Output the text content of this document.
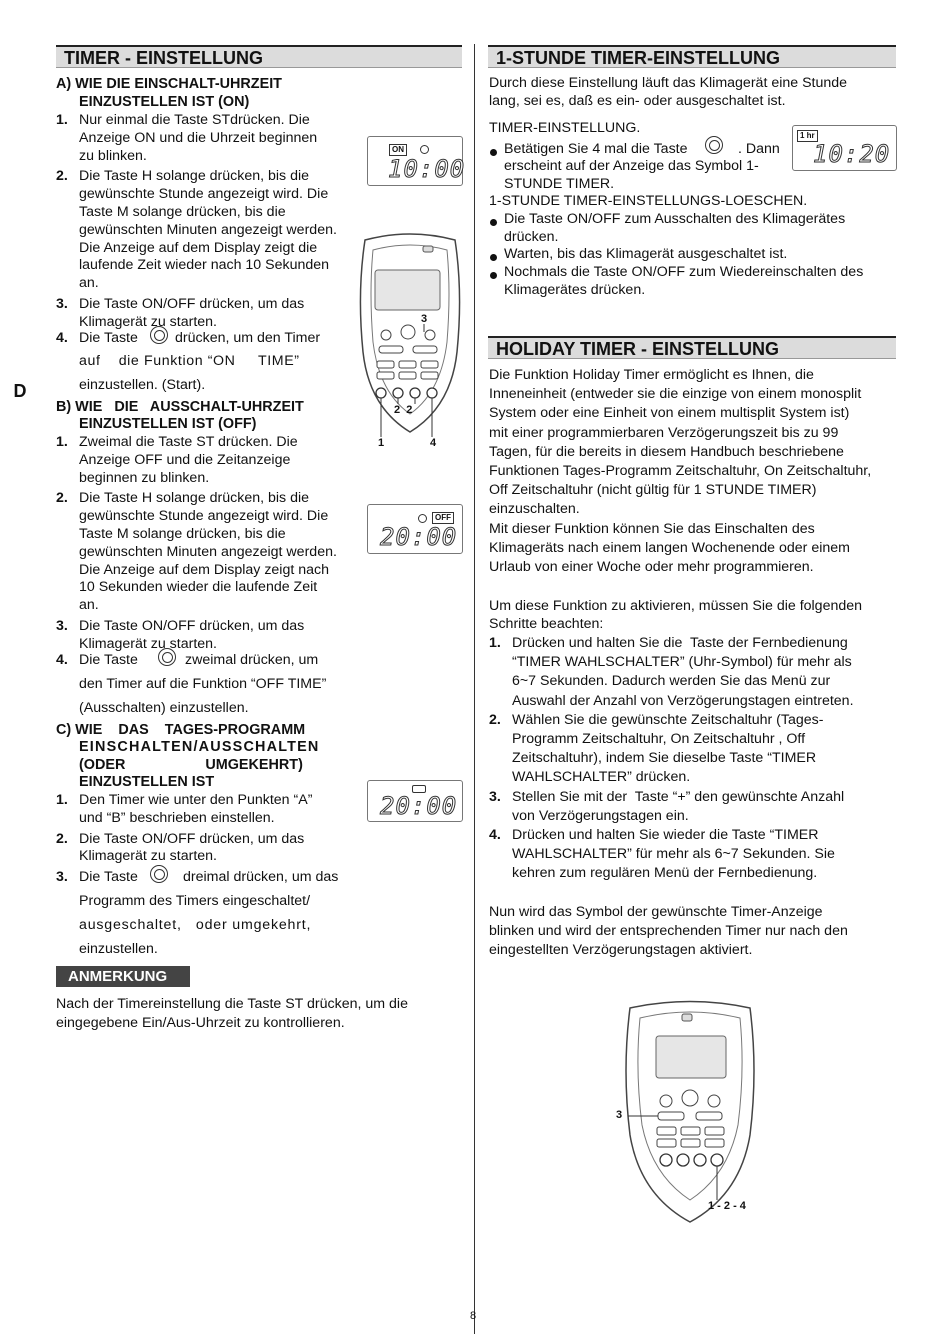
TIMER - EINSTELLUNG
A) WIE DIE EINSCHALT-UHRZEIT
EINZUSTELLEN IST (ON)
1. Nur einmal die Taste STdrücken. Die
Anzeige ON und die Uhrzeit beginnen
zu blinken.
2. Die Taste H solange drücken, bis die
gewünschte Stunde angezeigt wird. Die
Taste M solange drücken, bis die
gewünschten Minuten angezeigt werden.
Die Anzeige auf dem Display zeigt die
laufende Zeit wieder nach 10 Sekunden
an.
3. Die Taste ON/OFF drücken, um das
Klimagerät zu starten.
4. Die Taste	drücken, um den Timer
auf    die Funktion “ON     TIME”
einzustellen. (Start).
B) WIE   DIE   AUSSCHALT-UHRZEIT
EINZUSTELLEN IST (OFF)
1. Zweimal die Taste ST drücken. Die
Anzeige OFF und die Zeitanzeige
beginnen zu blinken.
2. Die Taste H solange drücken, bis die
gewünschte Stunde angezeigt wird. Die
Taste M solange drücken, bis die
gewünschten Minuten angezeigt werden.
Die Anzeige auf dem Display zeigt nach
10 Sekunden wieder die laufende Zeit
an.
3. Die Taste ON/OFF drücken, um das
Klimagerät zu starten.
4. Die Taste	zweimal drücken, um
den Timer auf die Funktion “OFF TIME”
(Ausschalten) einzustellen.
C) WIE    DAS    TAGES-PROGRAMM
EINSCHALTEN/AUSSCHALTEN
(ODER                    UMGEKEHRT)
EINZUSTELLEN IST
1. Den Timer wie unter den Punkten “A”
und “B” beschrieben einstellen.
2. Die Taste ON/OFF drücken, um das
Klimagerät zu starten.
3. Die Taste	dreimal drücken, um das
Programm des Timers eingeschaltet/
ausgeschaltet,   oder umgekehrt,
einzustellen.
ANMERKUNG
Nach der Timereinstellung die Taste ST drücken, um die
eingegebene Ein/Aus-Uhrzeit zu kontrollieren.
ON
10:00
3
2  2
1	4
OFF
20:00
20:00
D
1-STUNDE TIMER-EINSTELLUNG
Durch diese Einstellung läuft das Klimagerät eine Stunde
lang, sei es, daß es ein- oder ausgeschaltet ist.
TIMER-EINSTELLUNG.
Betätigen Sie 4 mal die Taste	. Dann
erscheint auf der Anzeige das Symbol 1-
STUNDE TIMER.
1 hr
10:20
1-STUNDE TIMER-EINSTELLUNGS-LOESCHEN.
Die Taste ON/OFF zum Ausschalten des Klimagerätes
drücken.
Warten, bis das Klimagerät ausgeschaltet ist.
Nochmals die Taste ON/OFF zum Wiedereinschalten des
Klimagerätes drücken.
HOLIDAY TIMER - EINSTELLUNG
Die Funktion Holiday Timer ermöglicht es Ihnen, die
Inneneinheit (entweder sie die einzige von einem monosplit
System oder eine Einheit von einem multisplit System ist)
mit einer programmierbaren Verzögerungszeit bis zu 99
Tagen, für die bereits in diesem Handbuch beschriebene
Funktionen Tages-Programm Zeitschaltuhr, On Zeitschaltuhr,
Off Zeitschaltuhr (nicht gültig für 1 STUNDE TIMER)
einzuschalten.
Mit dieser Funktion können Sie das Einschalten des
Klimageräts nach einem langen Wochenende oder einem
Urlaub von einer Woche oder mehr programmieren.
Um diese Funktion zu aktivieren, müssen Sie die folgenden
Schritte beachten:
1. Drücken und halten Sie die  Taste der Fernbedienung
“TIMER WAHLSCHALTER” (Uhr-Symbol) für mehr als
6~7 Sekunden. Dadurch werden Sie das Menü zur
Auswahl der Anzahl von Verzögerungstagen eintreten.
2. Wählen Sie die gewünschte Zeitschaltuhr (Tages-
Programm Zeitschaltuhr, On Zeitschaltuhr , Off
Zeitschaltuhr), indem Sie dieselbe Taste “TIMER
WAHLSCHALTER” drücken.
3. Stellen Sie mit der  Taste “+” den gewünschte Anzahl
von Verzögerungstagen ein.
4. Drücken und halten Sie wieder die Taste “TIMER
WAHLSCHALTER” für mehr als 6~7 Sekunden. Sie
kehren zum regulären Menü der Fernbedienung.
Nun wird das Symbol der gewünschte Timer-Anzeige
blinken und wird der entsprechenden Timer nur nach den
eingestellten Verzögerungstagen aktiviert.
3
1 - 2 - 4
8
